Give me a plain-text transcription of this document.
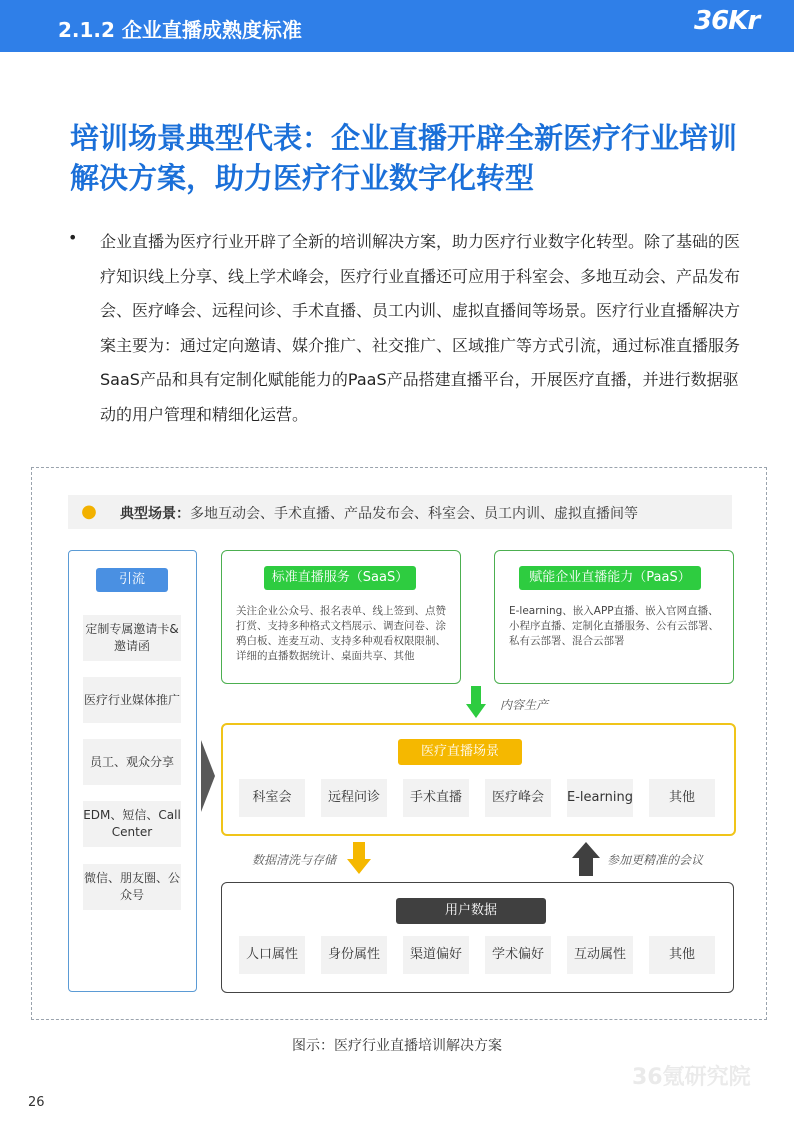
2.1.2 企业直播成熟度标准	36Kr
培训场景典型代表：企业直播开辟全新医疗行业培训解决方案，助力医疗行业数字化转型
• 企业直播为医疗行业开辟了全新的培训解决方案，助力医疗行业数字化转型。除了基础的医疗知识线上分享、线上学术峰会，医疗行业直播还可应用于科室会、多地互动会、产品发布会、医疗峰会、远程问诊、手术直播、员工内训、虚拟直播间等场景。医疗行业直播解决方案主要为：通过定向邀请、媒介推广、社交推广、区域推广等方式引流，通过标准直播服务SaaS产品和具有定制化赋能能力的PaaS产品搭建直播平台，开展医疗直播，并进行数据驱动的用户管理和精细化运营。
●	典型场景：多地互动会、手术直播、产品发布会、科室会、员工内训、虚拟直播间等
引流
定制专属邀请卡&邀请函
医疗行业媒体推广
员工、观众分享
EDM、短信、Call Center
微信、朋友圈、公众号
标准直播服务（SaaS）
关注企业公众号、报名表单、线上签到、点赞打赏、支持多种格式文档展示、调查问卷、涂鸦白板、连麦互动、支持多种观看权限限制、详细的直播数据统计、桌面共享、其他
赋能企业直播能力（PaaS）
E-learning、嵌入APP直播、嵌入官网直播、小程序直播、定制化直播服务、公有云部署、私有云部署、混合云部署
内容生产
医疗直播场景
科室会	远程问诊	手术直播	医疗峰会	E-learning	其他
数据清洗与存储	参加更精准的会议
用户数据
人口属性	身份属性	渠道偏好	学术偏好	互动属性	其他
图示：医疗行业直播培训解决方案
36氪研究院
26
